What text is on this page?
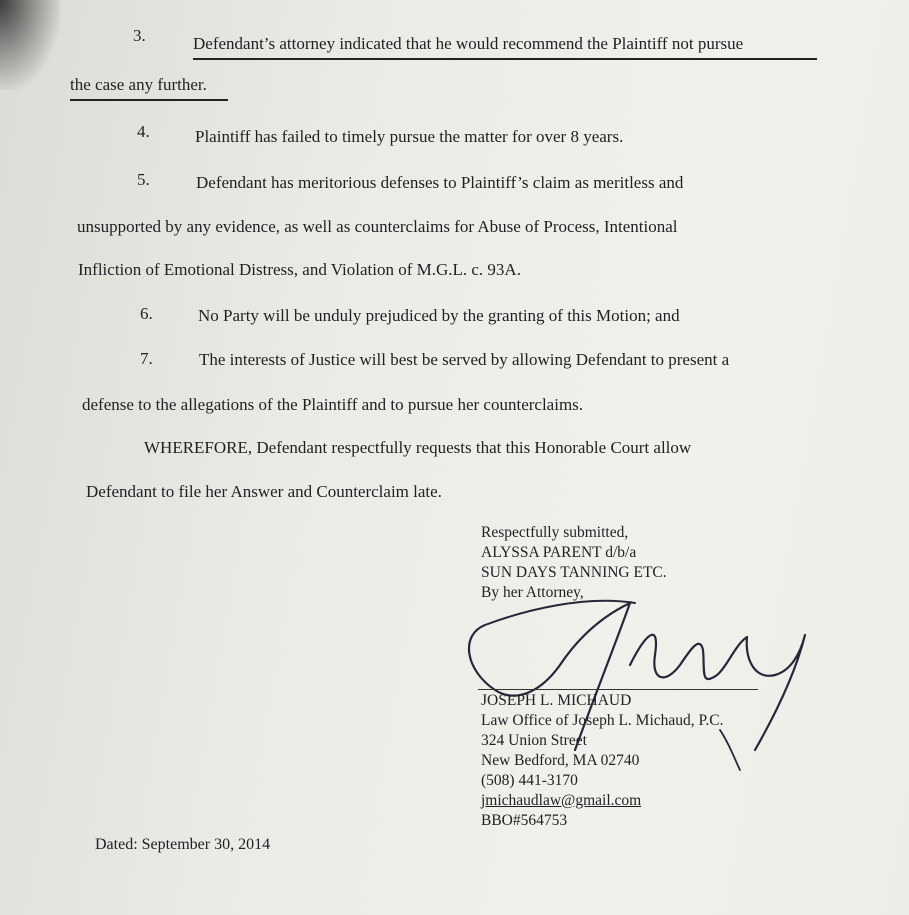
3.	Defendant’s attorney indicated that he would recommend the Plaintiff not pursue
the case any further.
4.	Plaintiff has failed to timely pursue the matter for over 8 years.
5.	Defendant has meritorious defenses to Plaintiff’s claim as meritless and
unsupported by any evidence, as well as counterclaims for Abuse of Process, Intentional
Infliction of Emotional Distress, and Violation of M.G.L. c. 93A.
6.	No Party will be unduly prejudiced by the granting of this Motion; and
7.	The interests of Justice will best be served by allowing Defendant to present a
defense to the allegations of the Plaintiff and to pursue her counterclaims.
WHEREFORE, Defendant respectfully requests that this Honorable Court allow
Defendant to file her Answer and Counterclaim late.
Respectfully submitted,
ALYSSA PARENT d/b/a
SUN DAYS TANNING ETC.
By her Attorney,
JOSEPH L. MICHAUD
Law Office of Joseph L. Michaud, P.C.
324 Union Street
New Bedford, MA 02740
(508) 441-3170
jmichaudlaw@gmail.com
BBO#564753
Dated: September 30, 2014
